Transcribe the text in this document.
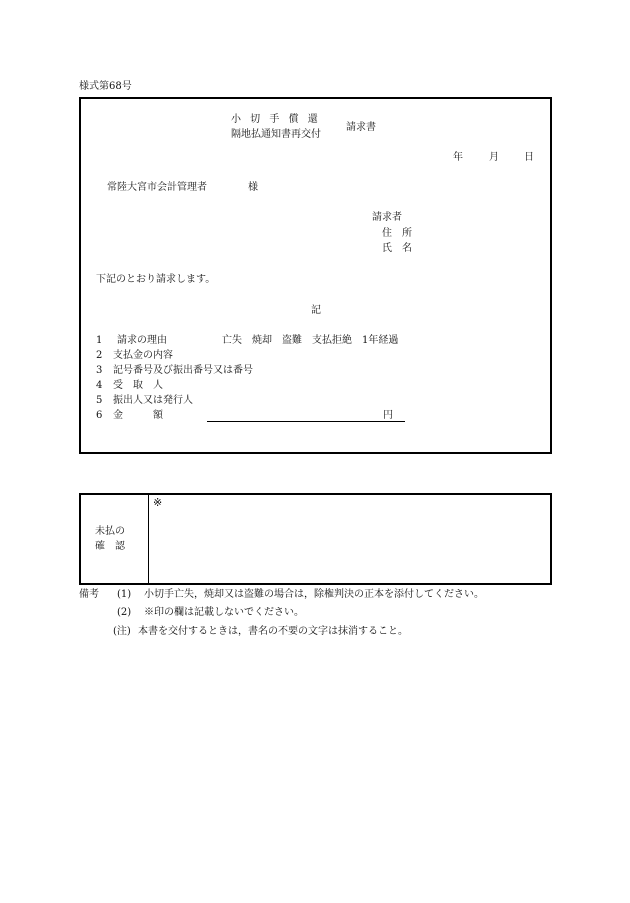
様式第68号
小 切 手 償 還
隔地払通知書再交付
請求書
年	月	日
常陸大宮市会計管理者	様
請求者
住　所
氏　名
下記のとおり請求します。
記
1 請求の理由	亡失　焼却　盗難　支払拒絶　1年経過
2 支払金の内容
3 記号番号及び振出番号又は番号
4 受　取　人
5 振出人又は発行人
6 金　　　額	円
未払の
確　認
※
備考 (1) 小切手亡失，焼却又は盗難の場合は，除権判決の正本を添付してください。
(2) ※印の欄は記載しないでください。
(注) 本書を交付するときは，書名の不要の文字は抹消すること。
